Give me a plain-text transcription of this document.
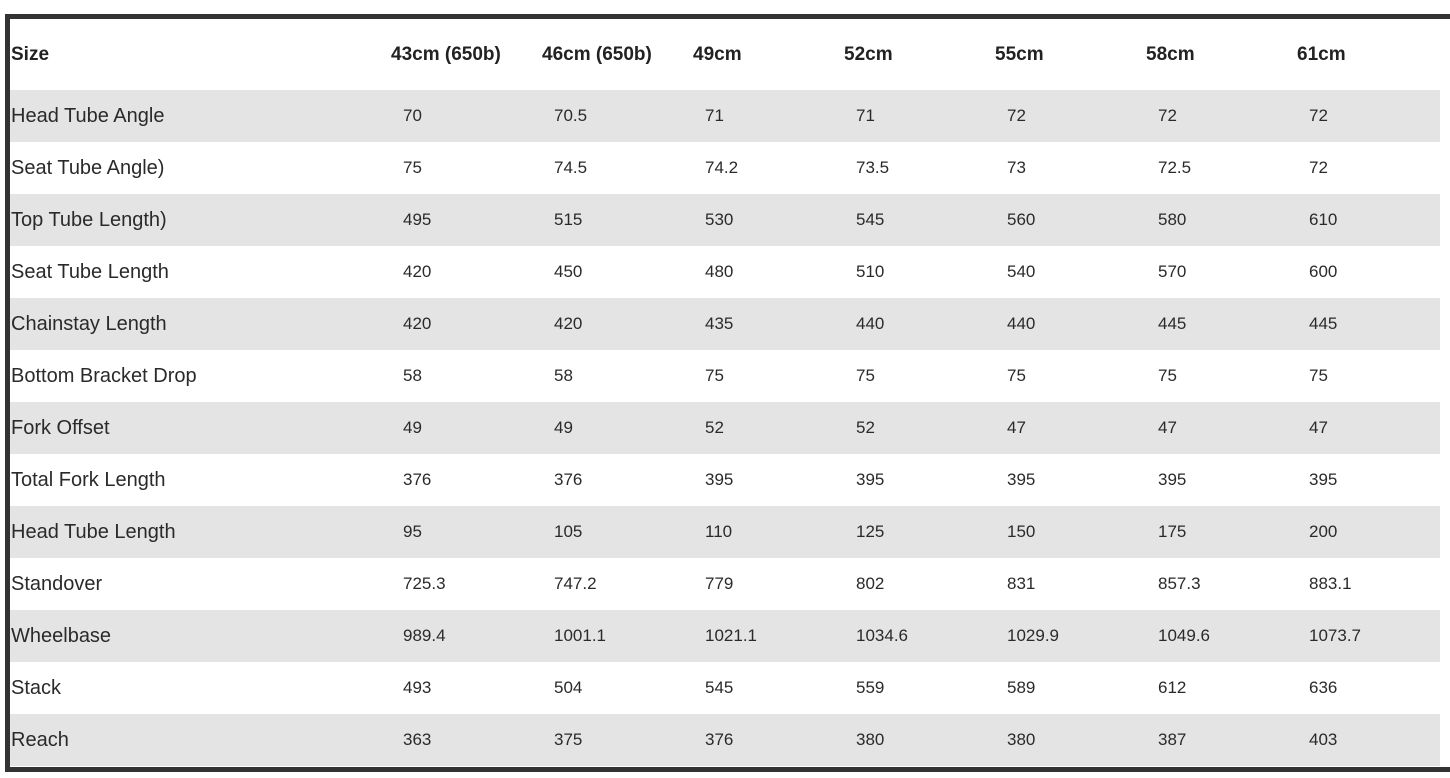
Size	43cm (650b)	46cm (650b)	49cm	52cm	55cm	58cm	61cm
Head Tube Angle	70	70.5	71	71	72	72	72
Seat Tube Angle)	75	74.5	74.2	73.5	73	72.5	72
Top Tube Length)	495	515	530	545	560	580	610
Seat Tube Length	420	450	480	510	540	570	600
Chainstay Length	420	420	435	440	440	445	445
Bottom Bracket Drop	58	58	75	75	75	75	75
Fork Offset	49	49	52	52	47	47	47
Total Fork Length	376	376	395	395	395	395	395
Head Tube Length	95	105	110	125	150	175	200
Standover	725.3	747.2	779	802	831	857.3	883.1
Wheelbase	989.4	1001.1	1021.1	1034.6	1029.9	1049.6	1073.7
Stack	493	504	545	559	589	612	636
Reach	363	375	376	380	380	387	403
